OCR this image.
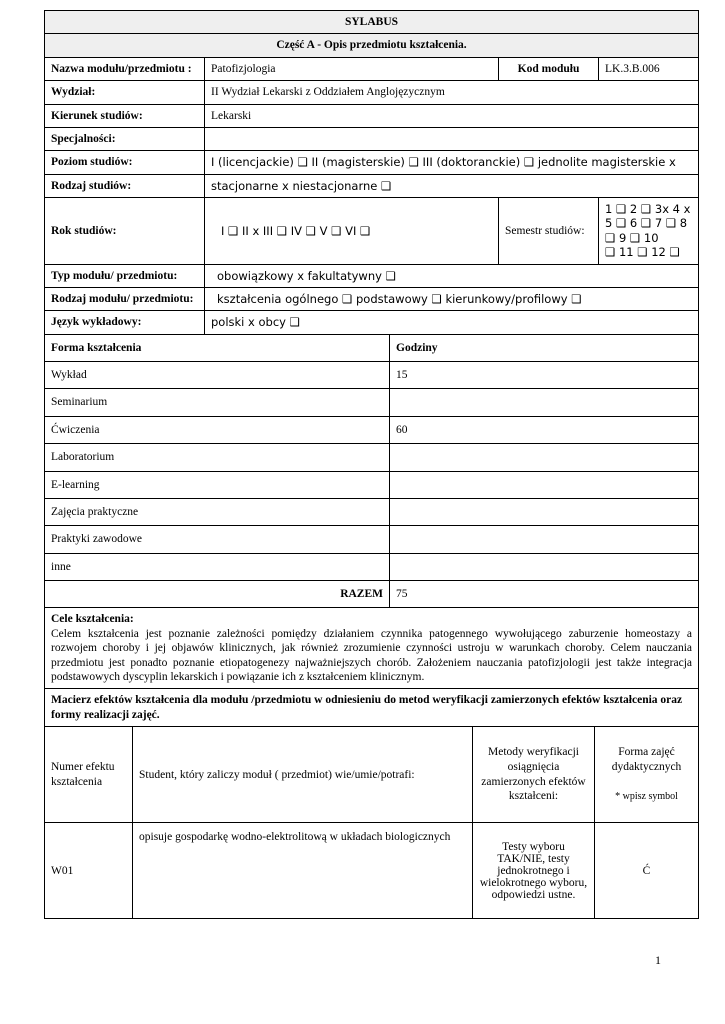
SYLABUS			
Część A - Opis przedmiotu kształcenia.			
Nazwa modułu/przedmiotu :	Patofizjologia	Kod modułu	LK.3.B.006
Wydział:	II Wydział Lekarski z Oddziałem Anglojęzycznym		
Kierunek studiów:	Lekarski		
Specjalności:			
Poziom studiów:	I (licencjackie) ❑ II (magisterskie) ❑ III (doktoranckie) ❑ jednolite magisterskie x		
Rodzaj studiów:	stacjonarne x niestacjonarne ❑		
Rok studiów:	I ❑ II x III ❑ IV ❑ V ❑ VI ❑	Semestr studiów:	1 ❑ 2 ❑ 3x 4 x 5 ❑ 6 ❑ 7 ❑ 8 ❑ 9 ❑ 10
❑ 11 ❑ 12 ❑
Typ modułu/ przedmiotu:	obowiązkowy x fakultatywny ❑		
Rodzaj modułu/ przedmiotu:	kształcenia ogólnego ❑ podstawowy ❑ kierunkowy/profilowy ❑		
Język wykładowy:	polski x obcy ❑		
Forma kształcenia	Godziny
Wykład	15
Seminarium	
Ćwiczenia	60
Laboratorium	
E-learning	
Zajęcia praktyczne	
Praktyki zawodowe	
inne	
RAZEM	75
Cele kształcenia:
Celem kształcenia jest poznanie zależności pomiędzy działaniem czynnika patogennego wywołującego zaburzenie homeostazy a rozwojem choroby i jej objawów klinicznych, jak również zrozumienie czynności ustroju w warunkach choroby. Celem nauczania przedmiotu jest ponadto poznanie etiopatogenezy najważniejszych chorób. Założeniem nauczania patofizjologii jest także integracja podstawowych dyscyplin lekarskich i powiązanie ich z kształceniem klinicznym.
Macierz efektów kształcenia dla modułu /przedmiotu w odniesieniu do metod weryfikacji zamierzonych efektów kształcenia oraz formy realizacji zajęć.
Numer efektu kształcenia	Student, który zaliczy moduł ( przedmiot) wie/umie/potrafi:	Metody weryfikacji osiągnięcia zamierzonych efektów kształceni:	Forma zajęć dydaktycznych

* wpisz symbol
W01	opisuje gospodarkę wodno-elektrolitową w układach biologicznych	Testy wyboru TAK/NIE, testy jednokrotnego i wielokrotnego wyboru, odpowiedzi ustne.	Ć
1
